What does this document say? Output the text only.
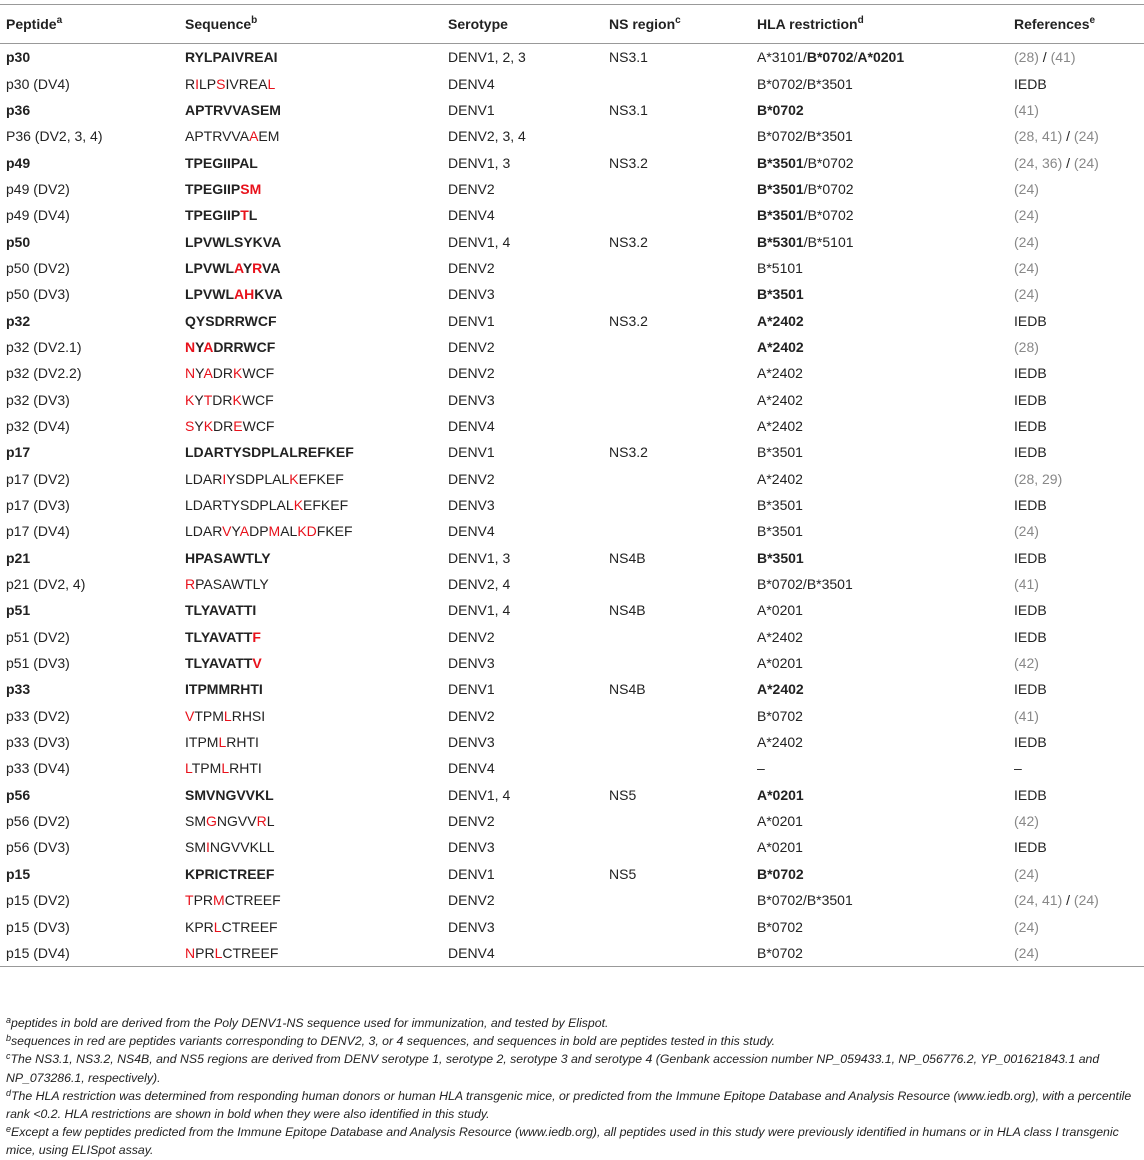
Peptide$^a$	Sequence$^b$	Serotype	NS region$^c$	HLA restriction$^d$	References$^e$
p30	RYLPAIVREAI	DENV1, 2, 3	NS3.1	A*3101/B*0702/A*0201	(28) / (41)
p30 (DV4)	RILPSIVREAL	DENV4		B*0702/B*3501	IEDB
p36	APTRVVASEM	DENV1	NS3.1	B*0702	(41)
P36 (DV2, 3, 4)	APTRVVAAEM	DENV2, 3, 4		B*0702/B*3501	(28, 41) / (24)
p49	TPEGIIPAL	DENV1, 3	NS3.2	B*3501/B*0702	(24, 36) / (24)
p49 (DV2)	TPEGIIPSM	DENV2		B*3501/B*0702	(24)
p49 (DV4)	TPEGIIPTL	DENV4		B*3501/B*0702	(24)
p50	LPVWLSYKVA	DENV1, 4	NS3.2	B*5301/B*5101	(24)
p50 (DV2)	LPVWLAYRVA	DENV2		B*5101	(24)
p50 (DV3)	LPVWLAHKVA	DENV3		B*3501	(24)
p32	QYSDRRWCF	DENV1	NS3.2	A*2402	IEDB
p32 (DV2.1)	NYADRRWCF	DENV2		A*2402	(28)
p32 (DV2.2)	NYADRKWCF	DENV2		A*2402	IEDB
p32 (DV3)	KYTDRKWCF	DENV3		A*2402	IEDB
p32 (DV4)	SYKDREWCF	DENV4		A*2402	IEDB
p17	LDARTYSDPLALREFKEF	DENV1	NS3.2	B*3501	IEDB
p17 (DV2)	LDARIYSDPLALKEFKEF	DENV2		A*2402	(28, 29)
p17 (DV3)	LDARTYSDPLALKEFKEF	DENV3		B*3501	IEDB
p17 (DV4)	LDARVYADPMALKDFKEF	DENV4		B*3501	(24)
p21	HPASAWTLY	DENV1, 3	NS4B	B*3501	IEDB
p21 (DV2, 4)	RPASAWTLY	DENV2, 4		B*0702/B*3501	(41)
p51	TLYAVATTI	DENV1, 4	NS4B	A*0201	IEDB
p51 (DV2)	TLYAVATTF	DENV2		A*2402	IEDB
p51 (DV3)	TLYAVATTV	DENV3		A*0201	(42)
p33	ITPMMRHTI	DENV1	NS4B	A*2402	IEDB
p33 (DV2)	VTPMLRHSI	DENV2		B*0702	(41)
p33 (DV3)	ITPMLRHTI	DENV3		A*2402	IEDB
p33 (DV4)	LTPMLRHTI	DENV4		–	–
p56	SMVNGVVKL	DENV1, 4	NS5	A*0201	IEDB
p56 (DV2)	SMGNGVVRL	DENV2		A*0201	(42)
p56 (DV3)	SMINGVVKLL	DENV3		A*0201	IEDB
p15	KPRICTREEF	DENV1	NS5	B*0702	(24)
p15 (DV2)	TPRMCTREEF	DENV2		B*0702/B*3501	(24, 41) / (24)
p15 (DV3)	KPRLCTREEF	DENV3		B*0702	(24)
p15 (DV4)	NPRLCTREEF	DENV4		B*0702	(24)

$^a$peptides in bold are derived from the Poly DENV1-NS sequence used for immunization, and tested by Elispot.

$^b$sequences in red are peptides variants corresponding to DENV2, 3, or 4 sequences, and sequences in bold are peptides tested in this study.

$^c$The NS3.1, NS3.2, NS4B, and NS5 regions are derived from DENV serotype 1, serotype 2, serotype 3 and serotype 4 (Genbank accession number NP_059433.1, NP_056776.2, YP_001621843.1 and NP_073286.1, respectively).

$^d$The HLA restriction was determined from responding human donors or human HLA transgenic mice, or predicted from the Immune Epitope Database and Analysis Resource (www.iedb.org), with a percentile rank <0.2. HLA restrictions are shown in bold when they were also identified in this study.

$^e$Except a few peptides predicted from the Immune Epitope Database and Analysis Resource (www.iedb.org), all peptides used in this study were previously identified in humans or in HLA class I transgenic mice, using ELISpot assay.
